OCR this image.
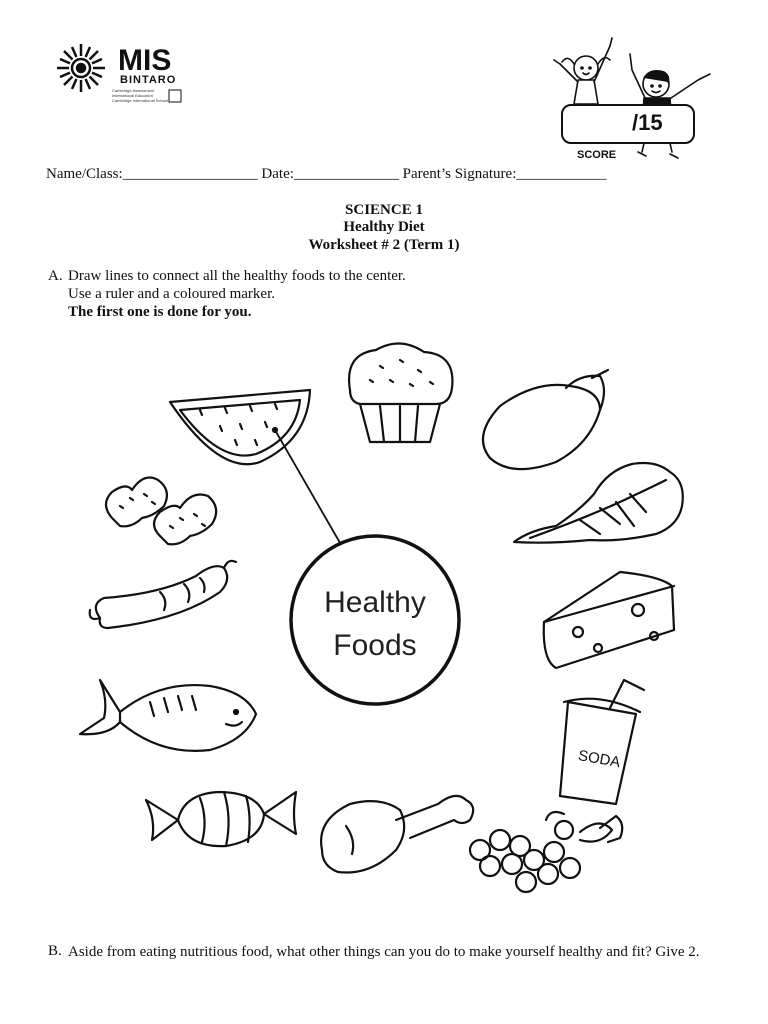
MIS
BINTARO
Cambridge Assessment International Education Cambridge International School
/15
SCORE
Name/Class:__________________ Date:______________ Parent’s Signature:____________
SCIENCE 1
Healthy Diet
Worksheet # 2 (Term 1)
A. Draw lines to connect all the healthy foods to the center.
Use a ruler and a coloured marker.
The first one is done for you.
Healthy
Foods
SODA
B. Aside from eating nutritious food, what other things can you do to make yourself healthy and fit? Give 2.
